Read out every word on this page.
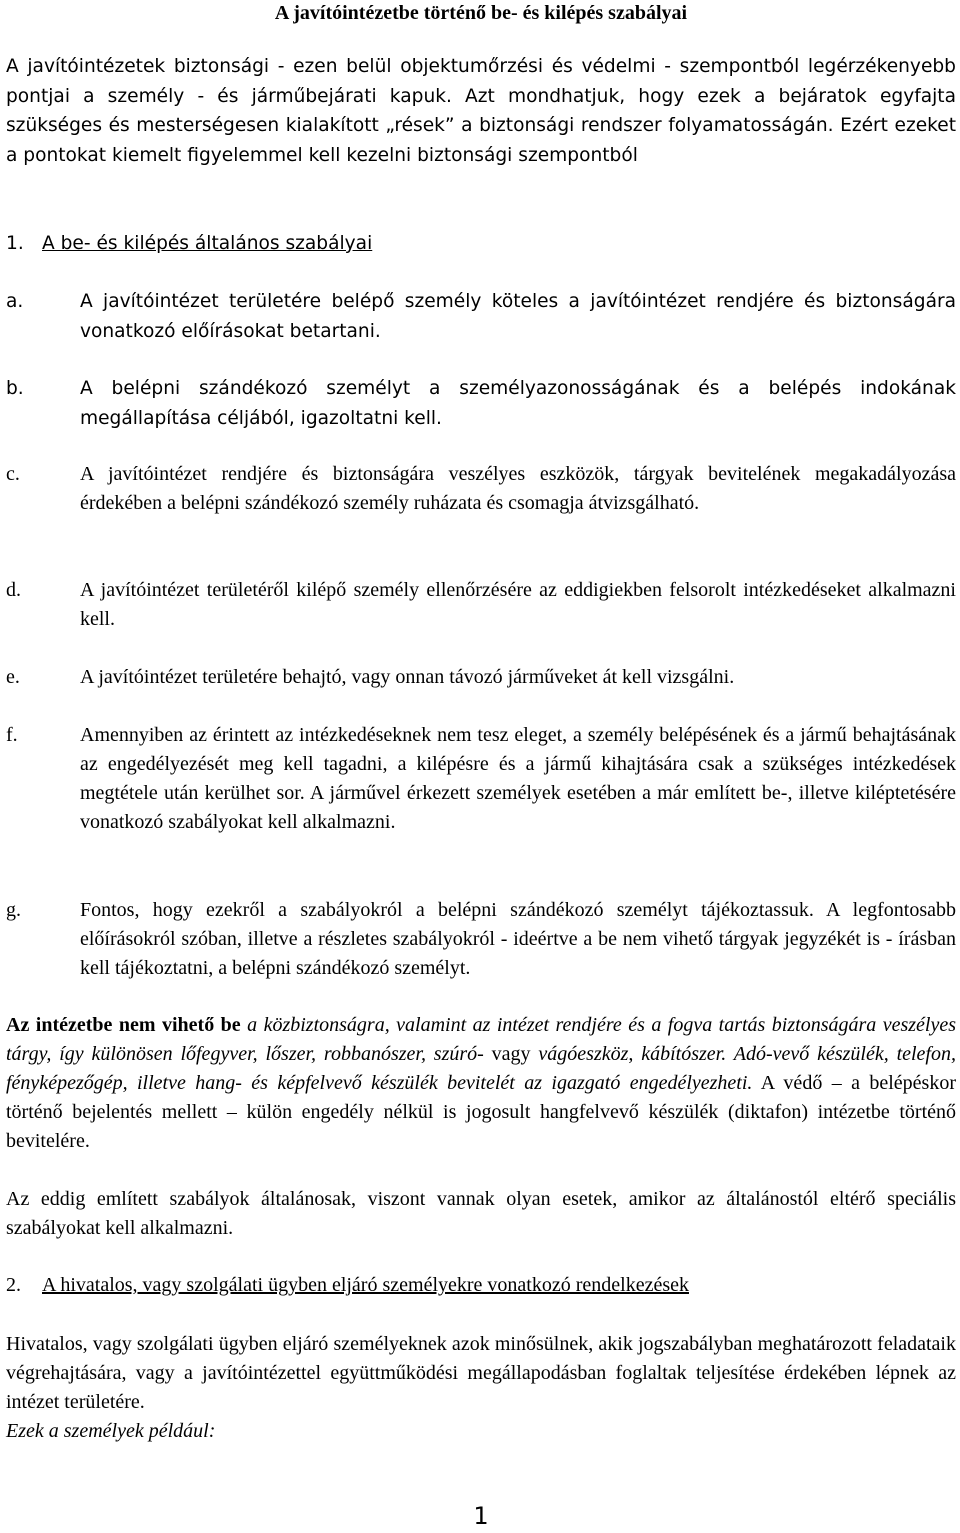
A javítóintézetbe történő be- és kilépés szabályai

A javítóintézetek biztonsági - ezen belül objektumőrzési és védelmi - szempontból legérzékenyebb pontjai a személy - és járműbejárati kapuk. Azt mondhatjuk, hogy ezek a bejáratok egyfajta szükséges és mesterségesen kialakított „rések” a biztonsági rendszer folyamatosságán. Ezért ezeket a pontokat kiemelt figyelemmel kell kezelni biztonsági szempontból

1. A be- és kilépés általános szabályai
a.	A javítóintézet területére belépő személy köteles a javítóintézet rendjére és biztonságára vonatkozó előírásokat betartani.
b.	A belépni szándékozó személyt a személyazonosságának és a belépés indokának megállapítása céljából, igazoltatni kell.
c.	A javítóintézet rendjére és biztonságára veszélyes eszközök, tárgyak bevitelének megakadályozása érdekében a belépni szándékozó személy ruházata és csomagja átvizsgálható.
d.	A javítóintézet területéről kilépő személy ellenőrzésére az eddigiekben felsorolt intézkedéseket alkalmazni kell.
e.	A javítóintézet területére behajtó, vagy onnan távozó járműveket át kell vizsgálni.
f.	Amennyiben az érintett az intézkedéseknek nem tesz eleget, a személy belépésének és a jármű behajtásának az engedélyezését meg kell tagadni, a kilépésre és a jármű kihajtására csak a szükséges intézkedések megtétele után kerülhet sor. A járművel érkezett személyek esetében a már említett be-, illetve kiléptetésére vonatkozó szabályokat kell alkalmazni.
g.	Fontos, hogy ezekről a szabályokról a belépni szándékozó személyt tájékoztassuk. A legfontosabb előírásokról szóban, illetve a részletes szabályokról - ideértve a be nem vihető tárgyak jegyzékét is - írásban kell tájékoztatni, a belépni szándékozó személyt.

Az intézetbe nem vihető be a közbiztonságra, valamint az intézet rendjére és a fogva tartás biztonságára veszélyes tárgy, így különösen lőfegyver, lőszer, robbanószer, szúró- vagy vágóeszköz, kábítószer. Adó-vevő készülék, telefon, fényképezőgép, illetve hang- és képfelvevő készülék bevitelét az igazgató engedélyezheti. A védő – a belépéskor történő bejelentés mellett – külön engedély nélkül is jogosult hangfelvevő készülék (diktafon) intézetbe történő bevitelére.

Az eddig említett szabályok általánosak, viszont vannak olyan esetek, amikor az általánostól eltérő speciális szabályokat kell alkalmazni.

2. A hivatalos, vagy szolgálati ügyben eljáró személyekre vonatkozó rendelkezések

Hivatalos, vagy szolgálati ügyben eljáró személyeknek azok minősülnek, akik jogszabályban meghatározott feladataik végrehajtására, vagy a javítóintézettel együttműködési megállapodásban foglaltak teljesítése érdekében lépnek az intézet területére.

Ezek a személyek például:

1
